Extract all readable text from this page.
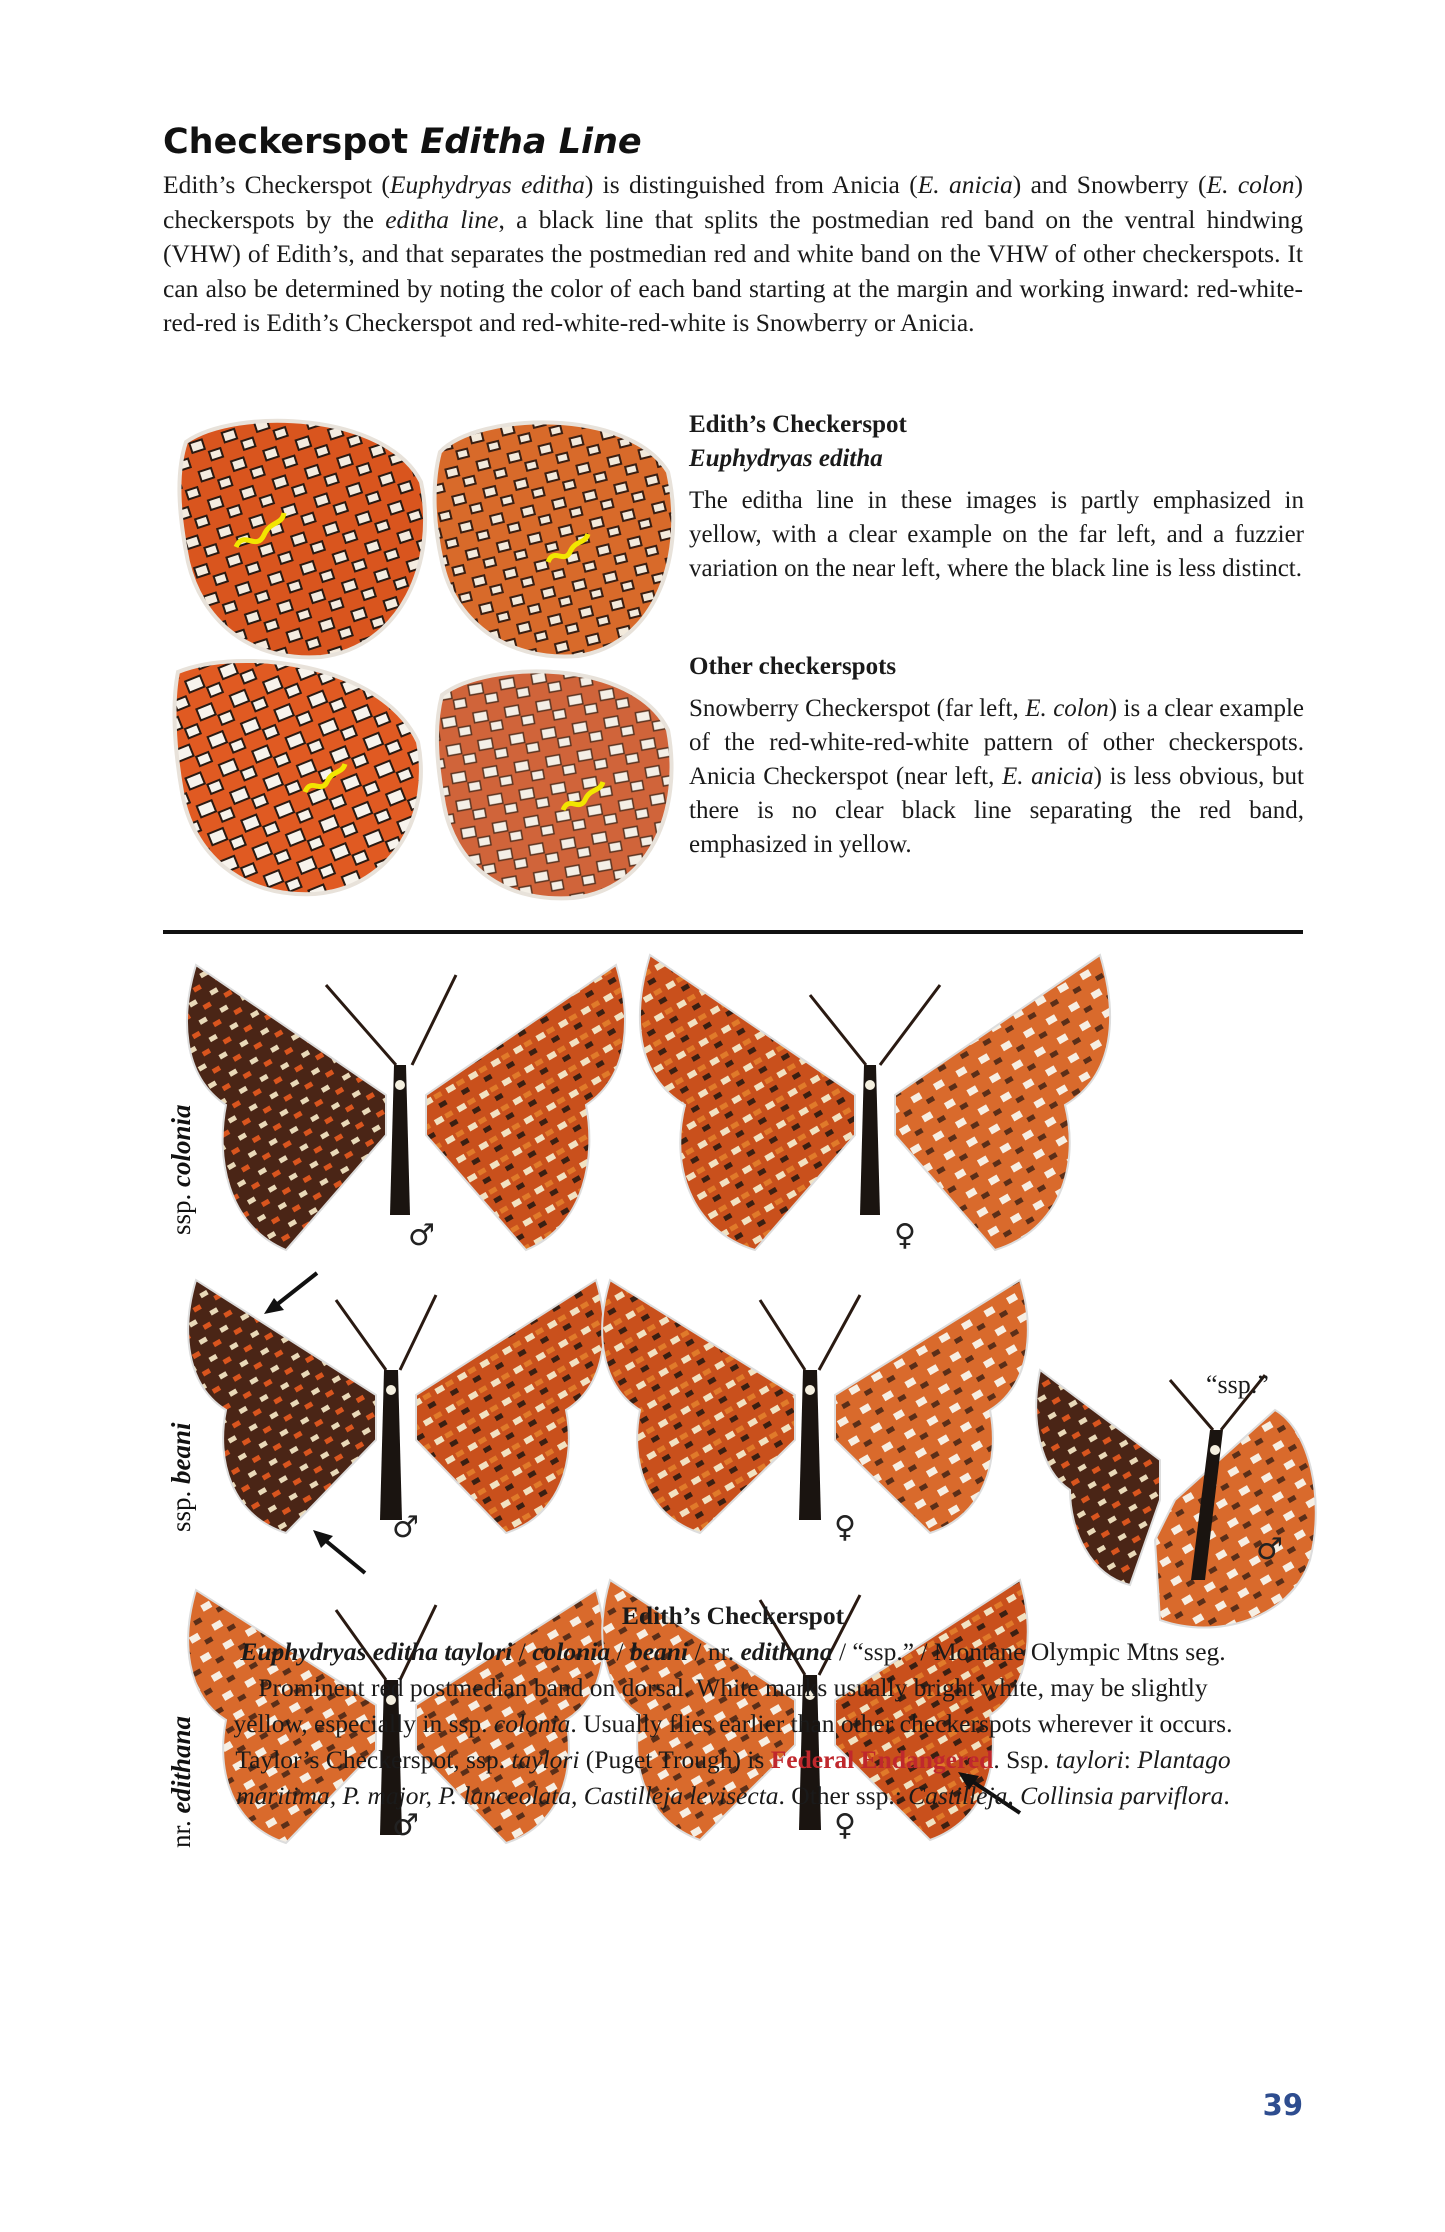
Checkerspot Editha Line
Edith’s Checkerspot (Euphydryas editha) is distinguished from Anicia (E. anicia) and Snowberry (E. colon) checkerspots by the editha line, a black line that splits the postmedian red band on the ventral hindwing (VHW) of Edith’s, and that separates the postmedian red and white band on the VHW of other checkerspots. It can also be determined by noting the color of each band starting at the margin and working inward: red-white-red-red is Edith’s Checkerspot and red-white-red-white is Snowberry or Anicia.
Edith’s Checkerspot
Euphydryas editha

The editha line in these images is partly emphasized in yellow, with a clear example on the far left, and a fuzzier variation on the near left, where the black line is less distinct.

Other checkerspots

Snowberry Checkerspot (far left, E. colon) is a clear example of the red-white-red-white pattern of other checkerspots. Anicia Checkerspot (near left, E. anicia) is less obvious, but there is no clear black line separating the red band, emphasized in yellow.

ssp. colonia
ssp. beani
nr. edithana
♂	♀
♂	♀
♂
♂	♀
“ssp.”
Edith’s Checkerspot
Euphydryas editha taylori / colonia / beani / nr. edithana / “ssp.” / Montane Olympic Mtns seg.
Prominent red postmedian band on dorsal. White marks usually bright white, may be slightly
yellow, especially in ssp. colonia. Usually flies earlier than other checkerspots wherever it occurs.
Taylor’s Checkerspot, ssp. taylori (Puget Trough) is Federal Endangered. Ssp. taylori: Plantago
maritima, P. major, P. lanceolata, Castilleja levisecta. Other ssp.: Castilleja, Collinsia parviflora.
39
